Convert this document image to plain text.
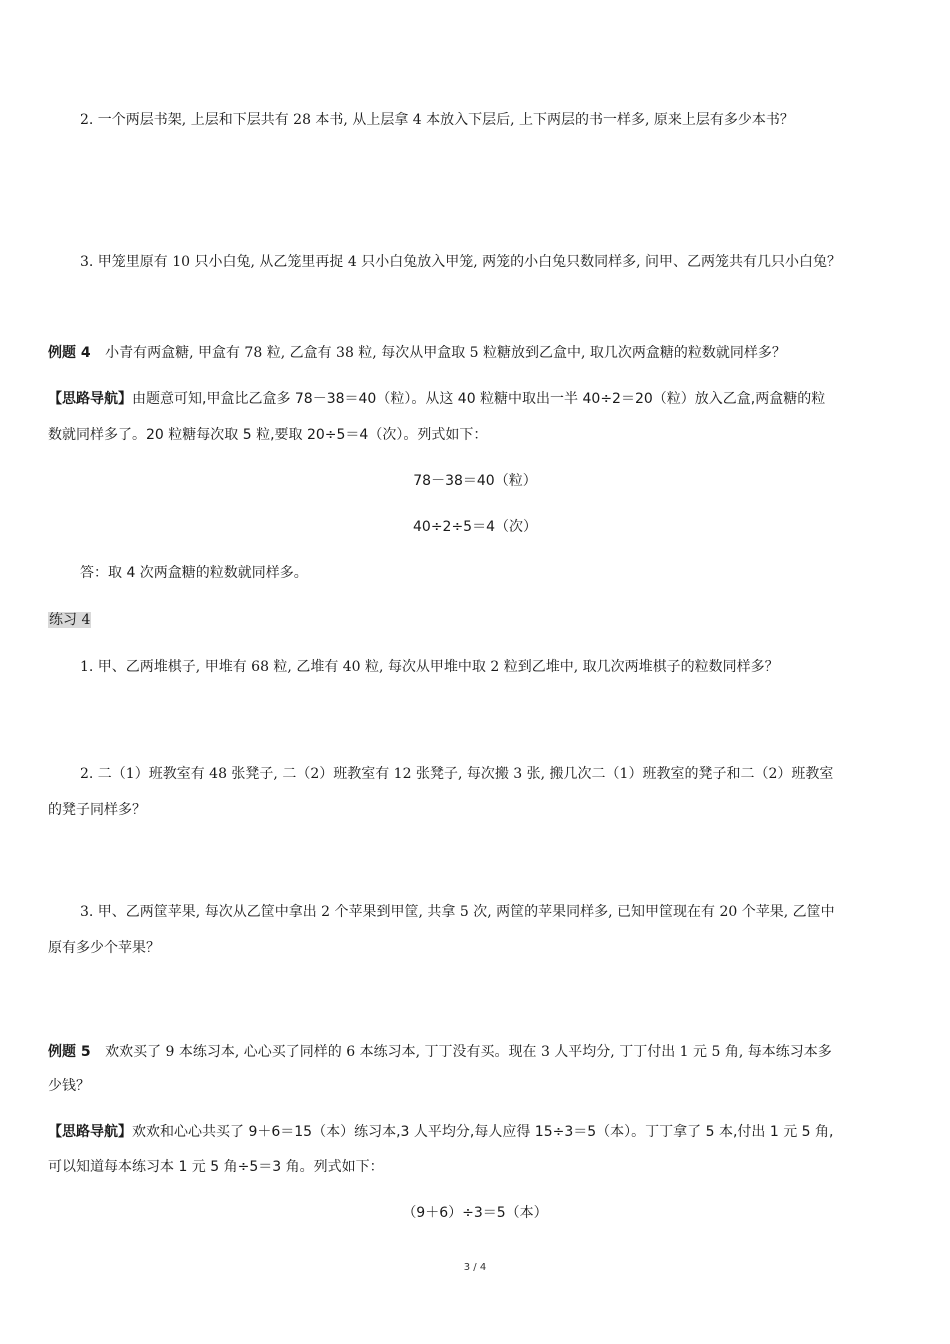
2. 一个两层书架, 上层和下层共有 28 本书, 从上层拿 4 本放入下层后, 上下两层的书一样多, 原来上层有多少本书？
3. 甲笼里原有 10 只小白兔, 从乙笼里再捉 4 只小白兔放入甲笼, 两笼的小白兔只数同样多, 问甲、乙两笼共有几只小白兔？
例题 4 小青有两盒糖, 甲盒有 78 粒, 乙盒有 38 粒, 每次从甲盒取 5 粒糖放到乙盒中, 取几次两盒糖的粒数就同样多？
【思路导航】由题意可知,甲盒比乙盒多 78－38＝40（粒）。从这 40 粒糖中取出一半 40÷2＝20（粒）放入乙盒,两盒糖的粒
数就同样多了。20 粒糖每次取 5 粒,要取 20÷5＝4（次）。列式如下：
78－38＝40（粒）
40÷2÷5＝4（次）
答：取 4 次两盒糖的粒数就同样多。
练习 4
1. 甲、乙两堆棋子, 甲堆有 68 粒, 乙堆有 40 粒, 每次从甲堆中取 2 粒到乙堆中, 取几次两堆棋子的粒数同样多？
2. 二（1）班教室有 48 张凳子, 二（2）班教室有 12 张凳子, 每次搬 3 张, 搬几次二（1）班教室的凳子和二（2）班教室
的凳子同样多？
3. 甲、乙两筐苹果, 每次从乙筐中拿出 2 个苹果到甲筐, 共拿 5 次, 两筐的苹果同样多, 已知甲筐现在有 20 个苹果, 乙筐中
原有多少个苹果？
例题 5 欢欢买了 9 本练习本, 心心买了同样的 6 本练习本, 丁丁没有买。现在 3 人平均分, 丁丁付出 1 元 5 角, 每本练习本多
少钱？
【思路导航】欢欢和心心共买了 9＋6＝15（本）练习本,3 人平均分,每人应得 15÷3＝5（本）。丁丁拿了 5 本,付出 1 元 5 角,
可以知道每本练习本 1 元 5 角÷5＝3 角。列式如下：
（9＋6）÷3＝5（本）
3 / 4
